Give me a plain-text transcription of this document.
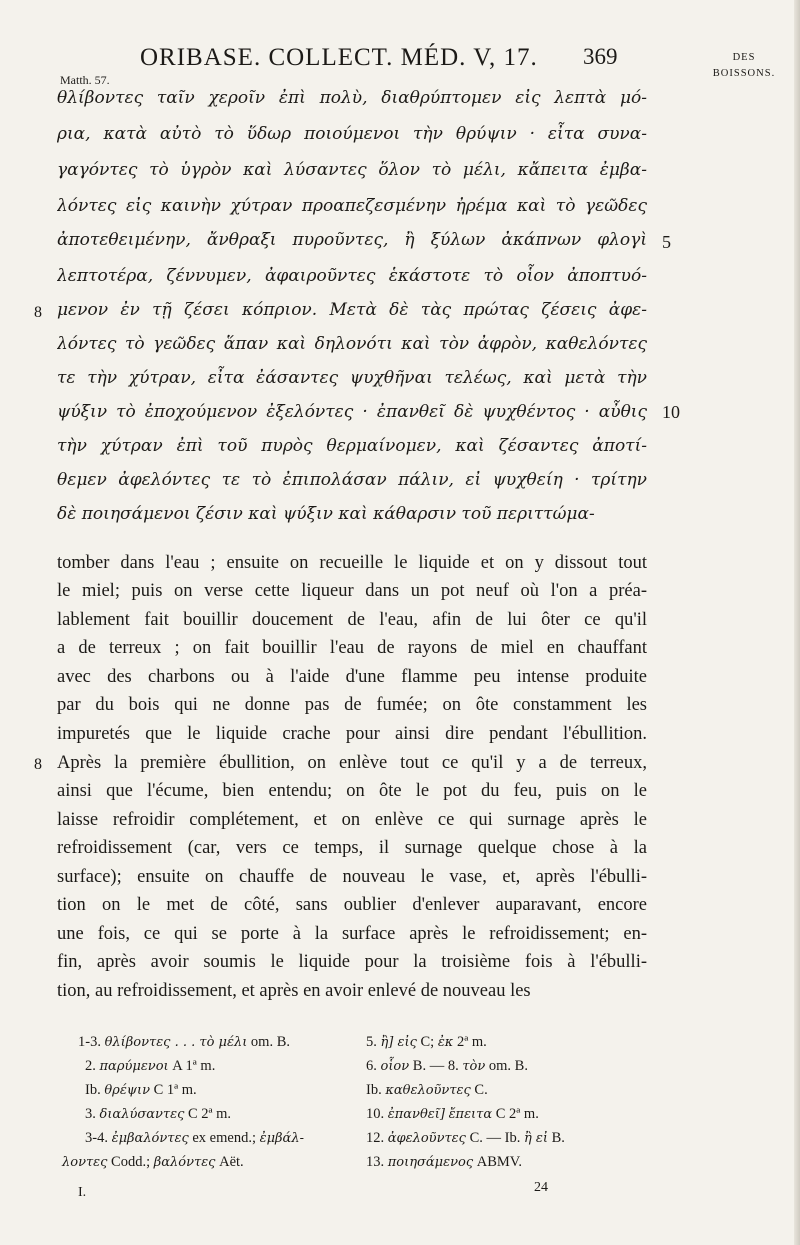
ORIBASE. COLLECT. MÉD. V, 17.	369	DES
BOISSONS.
Matth. 57.
θλίβοντες ταῖν χεροῖν ἐπὶ πολὺ, διαθρύπτομεν εἰς λεπτὰ μό-
ρια, κατὰ αὐτὸ τὸ ὕδωρ ποιούμενοι τὴν θρύψιν · εἶτα συνα-
γαγόντες τὸ ὑγρὸν καὶ λύσαντες ὅλον τὸ μέλι, κἄπειτα ἐμβα-
λόντες εἰς καινὴν χύτραν προαπεζεσμένην ἠρέμα καὶ τὸ γεῶδες
ἀποτεθειμένην, ἄνθραξι πυροῦντες, ἢ ξύλων ἀκάπνων φλογὶ
λεπτοτέρα, ζέννυμεν, ἀφαιροῦντες ἑκάστοτε τὸ οἷον ἀποπτυό-
μενον ἐν τῇ ζέσει κόπριον. Μετὰ δὲ τὰς πρώτας ζέσεις ἀφε-
λόντες τὸ γεῶδες ἅπαν καὶ δηλονότι καὶ τὸν ἀφρὸν, καθελόντες
τε τὴν χύτραν, εἶτα ἐάσαντες ψυχθῆναι τελέως, καὶ μετὰ τὴν
ψύξιν τὸ ἐποχούμενον ἐξελόντες · ἐπανθεῖ δὲ ψυχθέντος · αὖθις
τὴν χύτραν ἐπὶ τοῦ πυρὸς θερμαίνομεν, καὶ ζέσαντες ἀποτί-
θεμεν ἀφελόντες τε τὸ ἐπιπολάσαν πάλιν, εἰ ψυχθείη · τρίτην
δὲ ποιησάμενοι ζέσιν καὶ ψύξιν καὶ κάθαρσιν τοῦ περιττώμα-
5
10
8
tomber dans l'eau ; ensuite on recueille le liquide et on y dissout tout
le miel; puis on verse cette liqueur dans un pot neuf où l'on a préa-
lablement fait bouillir doucement de l'eau, afin de lui ôter ce qu'il
a de terreux ; on fait bouillir l'eau de rayons de miel en chauffant
avec des charbons ou à l'aide d'une flamme peu intense produite
par du bois qui ne donne pas de fumée; on ôte constamment les
impuretés que le liquide crache pour ainsi dire pendant l'ébullition.
Après la première ébullition, on enlève tout ce qu'il y a de terreux,
ainsi que l'écume, bien entendu; on ôte le pot du feu, puis on le
laisse refroidir complétement, et on enlève ce qui surnage après le
refroidissement (car, vers ce temps, il surnage quelque chose à la
surface); ensuite on chauffe de nouveau le vase, et, après l'ébulli-
tion on le met de côté, sans oublier d'enlever auparavant, encore
une fois, ce qui se porte à la surface après le refroidissement; en-
fin, après avoir soumis le liquide pour la troisième fois à l'ébulli-
tion, au refroidissement, et après en avoir enlevé de nouveau les
8
1-3. θλίβοντες . . . τὸ μέλι om. B.
2. παρύμενοι A 1ª m.
Ib. θρέψιν C 1ª m.
3. διαλύσαντες C 2ª m.
3-4. ἐμβαλόντες ex emend.; ἐμβάλ-
λοντες Codd.; βαλόντες Aët.
5. ἢ] εἰς C; ἐκ 2ª m.
6. οἷον B. — 8. τὸν om. B.
Ib. καθελοῦντες C.
10. ἐπανθεῖ] ἔπειτα C 2ª m.
12. ἀφελοῦντες C. — Ib. ἢ εἰ B.
13. ποιησάμενος ABMV.
I.	24
